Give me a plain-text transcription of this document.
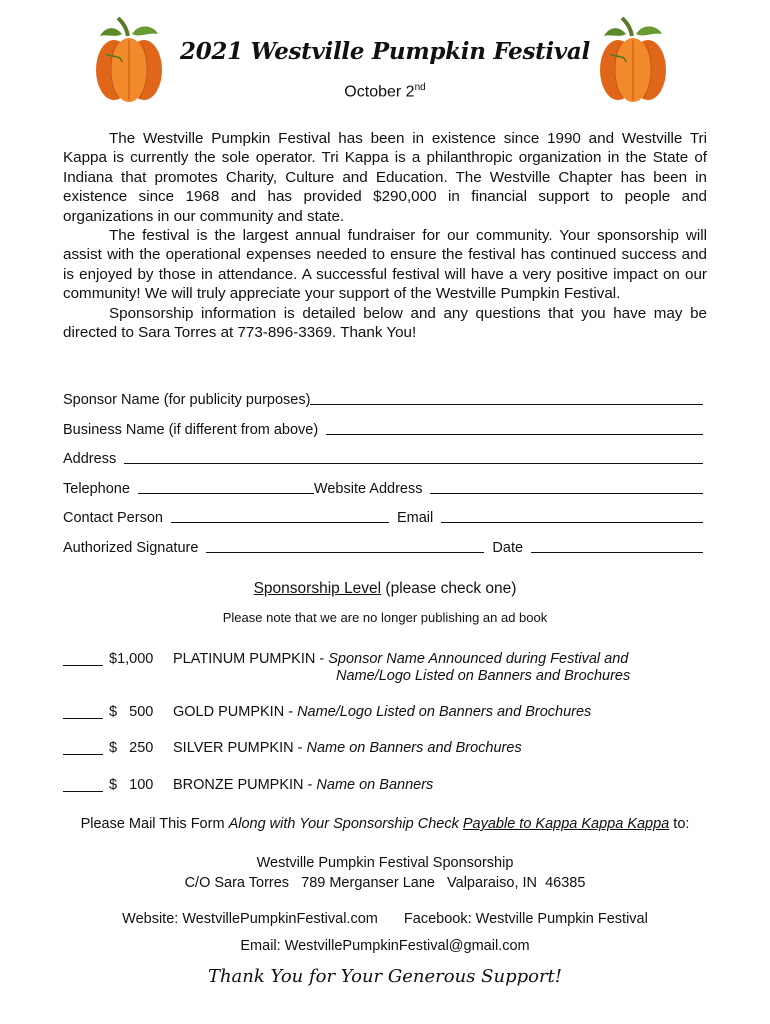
2021 Westville Pumpkin Festival
October 2nd

The Westville Pumpkin Festival has been in existence since 1990 and Westville Tri Kappa is currently the sole operator. Tri Kappa is a philanthropic organization in the State of Indiana that promotes Charity, Culture and Education. The Westville Chapter has been in existence since 1968 and has provided $290,000 in financial support to people and organizations in our community and state.

The festival is the largest annual fundraiser for our community. Your sponsorship will assist with the operational expenses needed to ensure the festival has continued success and is enjoyed by those in attendance. A successful festival will have a very positive impact on our community! We will truly appreciate your support of the Westville Pumpkin Festival.

Sponsorship information is detailed below and any questions that you have may be directed to Sara Torres at 773-896-3369. Thank You!

Sponsor Name (for publicity purposes)
Business Name (if different from above)
Address
Telephone	Website Address
Contact Person	Email
Authorized Signature	Date
Sponsorship Level (please check one)
Please note that we are no longer publishing an ad book
$1,000	PLATINUM PUMPKIN - Sponsor Name Announced during Festival and
Name/Logo Listed on Banners and Brochures
$   500	GOLD PUMPKIN - Name/Logo Listed on Banners and Brochures
$   250	SILVER PUMPKIN - Name on Banners and Brochures
$   100	BRONZE PUMPKIN - Name on Banners
Please Mail This Form Along with Your Sponsorship Check Payable to Kappa Kappa Kappa to:
Westville Pumpkin Festival Sponsorship
C/O Sara Torres   789 Merganser Lane   Valparaiso, IN  46385
Website: WestvillePumpkinFestival.com Facebook: Westville Pumpkin Festival
Email: WestvillePumpkinFestival@gmail.com
Thank You for Your Generous Support!
